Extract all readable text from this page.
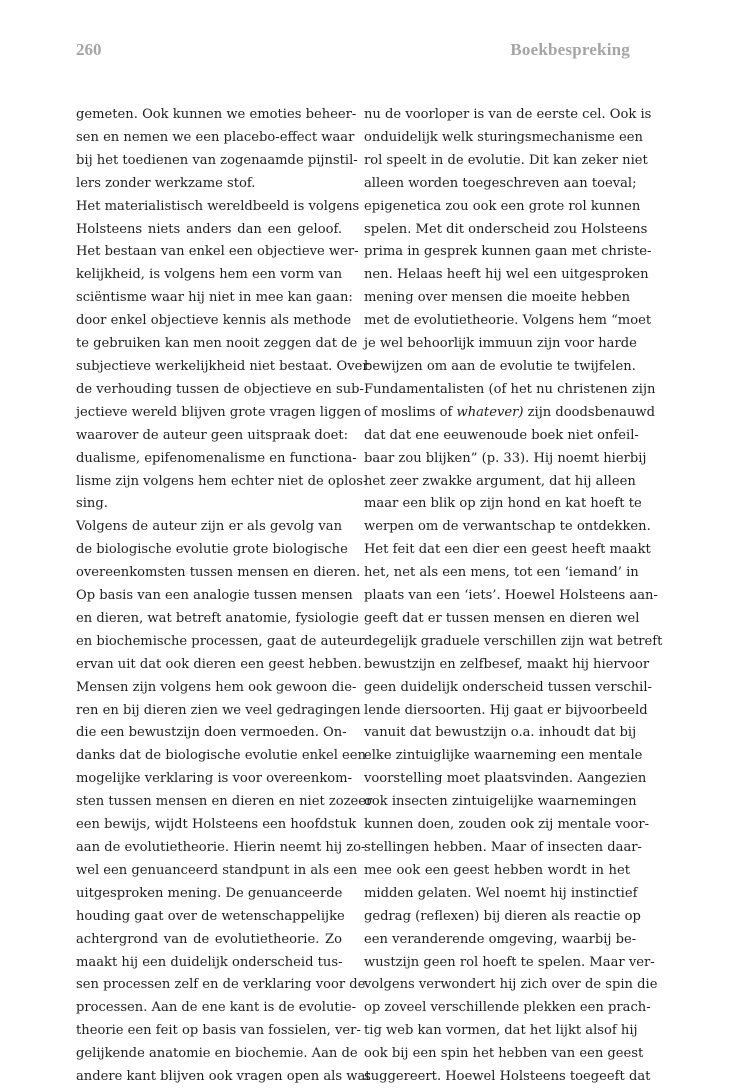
260	Boekbespreking
gemeten. Ook kunnen we emoties beheer-
sen en nemen we een placebo-effect waar
bij het toedienen van zogenaamde pijnstil-
lers zonder werkzame stof.
Het materialistisch wereldbeeld is volgens
Holsteens niets anders dan een geloof.
Het bestaan van enkel een objectieve wer-
kelijkheid, is volgens hem een vorm van
sciëntisme waar hij niet in mee kan gaan:
door enkel objectieve kennis als methode
te gebruiken kan men nooit zeggen dat de
subjectieve werkelijkheid niet bestaat. Over
de verhouding tussen de objectieve en sub-
jectieve wereld blijven grote vragen liggen
waarover de auteur geen uitspraak doet:
dualisme, epifenomenalisme en functiona-
lisme zijn volgens hem echter niet de oplos-
sing.
Volgens de auteur zijn er als gevolg van
de biologische evolutie grote biologische
overeenkomsten tussen mensen en dieren.
Op basis van een analogie tussen mensen
en dieren, wat betreft anatomie, fysiologie
en biochemische processen, gaat de auteur
ervan uit dat ook dieren een geest hebben.
Mensen zijn volgens hem ook gewoon die-
ren en bij dieren zien we veel gedragingen
die een bewustzijn doen vermoeden. On-
danks dat de biologische evolutie enkel een
mogelijke verklaring is voor overeenkom-
sten tussen mensen en dieren en niet zozeer
een bewijs, wijdt Holsteens een hoofdstuk
aan de evolutietheorie. Hierin neemt hij zo-
wel een genuanceerd standpunt in als een
uitgesproken mening. De genuanceerde
houding gaat over de wetenschappelijke
achtergrond van de evolutietheorie. Zo
maakt hij een duidelijk onderscheid tus-
sen processen zelf en de verklaring voor de
processen. Aan de ene kant is de evolutie-
theorie een feit op basis van fossielen, ver-
gelijkende anatomie en biochemie. Aan de
andere kant blijven ook vragen open als wat
nu de voorloper is van de eerste cel. Ook is
onduidelijk welk sturingsmechanisme een
rol speelt in de evolutie. Dit kan zeker niet
alleen worden toegeschreven aan toeval;
epigenetica zou ook een grote rol kunnen
spelen. Met dit onderscheid zou Holsteens
prima in gesprek kunnen gaan met christe-
nen. Helaas heeft hij wel een uitgesproken
mening over mensen die moeite hebben
met de evolutietheorie. Volgens hem “moet
je wel behoorlijk immuun zijn voor harde
bewijzen om aan de evolutie te twijfelen.
Fundamentalisten (of het nu christenen zijn
of moslims of whatever) zijn doodsbenauwd
dat dat ene eeuwenoude boek niet onfeil-
baar zou blijken” (p. 33). Hij noemt hierbij
het zeer zwakke argument, dat hij alleen
maar een blik op zijn hond en kat hoeft te
werpen om de verwantschap te ontdekken.
Het feit dat een dier een geest heeft maakt
het, net als een mens, tot een ‘iemand’ in
plaats van een ‘iets’. Hoewel Holsteens aan-
geeft dat er tussen mensen en dieren wel
degelijk graduele verschillen zijn wat betreft
bewustzijn en zelfbesef, maakt hij hiervoor
geen duidelijk onderscheid tussen verschil-
lende diersoorten. Hij gaat er bijvoorbeeld
vanuit dat bewustzijn o.a. inhoudt dat bij
elke zintuiglijke waarneming een mentale
voorstelling moet plaatsvinden. Aangezien
ook insecten zintuigelijke waarnemingen
kunnen doen, zouden ook zij mentale voor-
stellingen hebben. Maar of insecten daar-
mee ook een geest hebben wordt in het
midden gelaten. Wel noemt hij instinctief
gedrag (reflexen) bij dieren als reactie op
een veranderende omgeving, waarbij be-
wustzijn geen rol hoeft te spelen. Maar ver-
volgens verwondert hij zich over de spin die
op zoveel verschillende plekken een prach-
tig web kan vormen, dat het lijkt alsof hij
ook bij een spin het hebben van een geest
suggereert. Hoewel Holsteens toegeeft dat
